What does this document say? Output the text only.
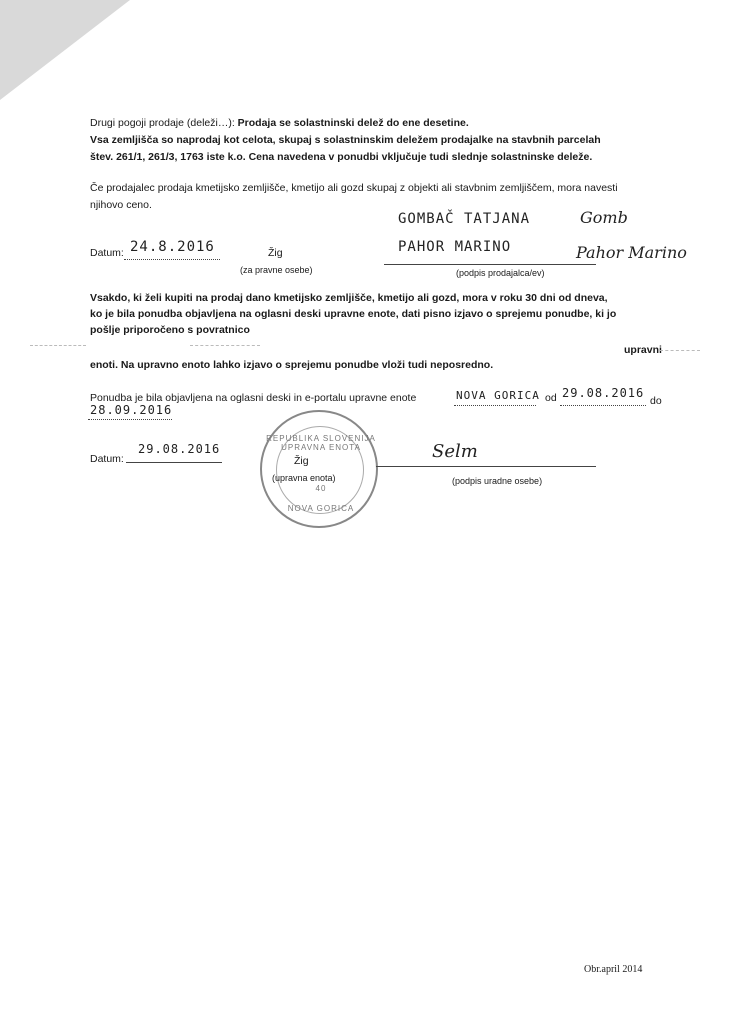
Drugi pogoji prodaje (deleži…): Prodaja se solastninski delež do ene desetine.
Vsa zemljišča so naprodaj kot celota, skupaj s solastninskim deležem prodajalke na stavbnih parcelah
štev. 261/1, 261/3, 1763 iste k.o. Cena navedena v ponudbi vključuje tudi slednje solastninske deleže.
Če prodajalec prodaja kmetijsko zemljišče, kmetijo ali gozd skupaj z objekti ali stavbnim zemljiščem, mora navesti
njihovo ceno.
Datum: 24.8.2016	Žig
(za pravne osebe)
GOMBAČ TATJANA	Gomb
PAHOR MARINO	Pahor Marino
(podpis prodajalca/ev)
Vsakdo, ki želi kupiti na prodaj dano kmetijsko zemljišče, kmetijo ali gozd, mora v roku 30 dni od dneva,
ko je bila ponudba objavljena na oglasni deski upravne enote, dati pisno izjavo o sprejemu ponudbe, ki jo
pošlje priporočeno s povratnico
upravni
enoti. Na upravno enoto lahko izjavo o sprejemu ponudbe vloži tudi neposredno.
Ponudba je bila objavljena na oglasni deski in e-portalu upravne enote	NOVA GORICA od 29.08.2016
do
28.09.2016
Datum:
29.08.2016
REPUBLIKA SLOVENIJA UPRAVNA ENOTA
40
NOVA GORICA
Žig
(upravna enota)
Selm
(podpis uradne osebe)
Obr.april 2014
